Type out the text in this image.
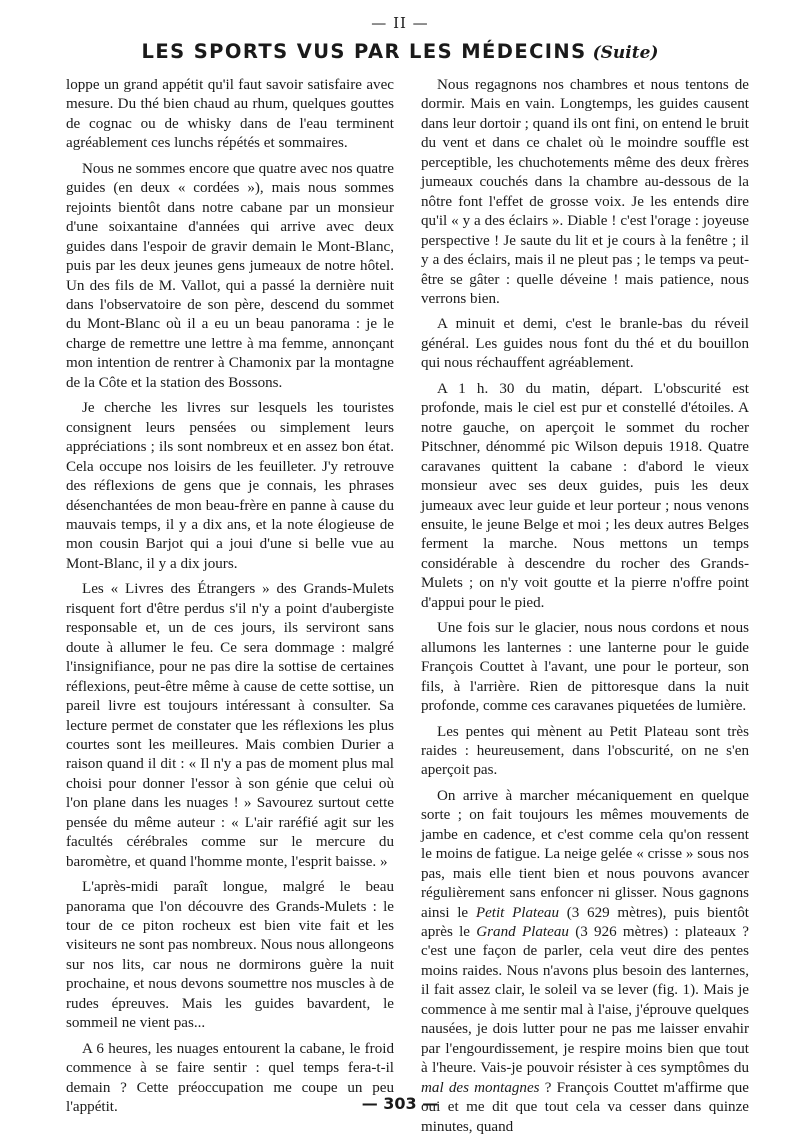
— II —
LES SPORTS VUS PAR LES MÉDECINS (Suite)

loppe un grand appétit qu'il faut savoir satisfaire avec mesure. Du thé bien chaud au rhum, quelques gouttes de cognac ou de whisky dans de l'eau terminent agréablement ces lunchs répétés et sommaires.

Nous ne sommes encore que quatre avec nos quatre guides (en deux « cordées »), mais nous sommes rejoints bientôt dans notre cabane par un monsieur d'une soixantaine d'années qui arrive avec deux guides dans l'espoir de gravir demain le Mont-Blanc, puis par les deux jeunes gens jumeaux de notre hôtel. Un des fils de M. Vallot, qui a passé la dernière nuit dans l'observatoire de son père, descend du sommet du Mont-Blanc où il a eu un beau panorama : je le charge de remettre une lettre à ma femme, annonçant mon intention de rentrer à Chamonix par la montagne de la Côte et la station des Bossons.

Je cherche les livres sur lesquels les touristes consignent leurs pensées ou simplement leurs appréciations ; ils sont nombreux et en assez bon état. Cela occupe nos loisirs de les feuilleter. J'y retrouve des réflexions de gens que je connais, les phrases désenchantées de mon beau-frère en panne à cause du mauvais temps, il y a dix ans, et la note élogieuse de mon cousin Barjot qui a joui d'une si belle vue au Mont-Blanc, il y a dix jours.

Les « Livres des Étrangers » des Grands-Mulets risquent fort d'être perdus s'il n'y a point d'aubergiste responsable et, un de ces jours, ils serviront sans doute à allumer le feu. Ce sera dommage : malgré l'insignifiance, pour ne pas dire la sottise de certaines réflexions, peut-être même à cause de cette sottise, un pareil livre est toujours intéressant à consulter. Sa lecture permet de constater que les réflexions les plus courtes sont les meilleures. Mais combien Durier a raison quand il dit : « Il n'y a pas de moment plus mal choisi pour donner l'essor à son génie que celui où l'on plane dans les nuages ! » Savourez surtout cette pensée du même auteur : « L'air raréfié agit sur les facultés cérébrales comme sur le mercure du baromètre, et quand l'homme monte, l'esprit baisse. »

L'après-midi paraît longue, malgré le beau panorama que l'on découvre des Grands-Mulets : le tour de ce piton rocheux est bien vite fait et les visiteurs ne sont pas nombreux. Nous nous allongeons sur nos lits, car nous ne dormirons guère la nuit prochaine, et nous devons soumettre nos muscles à de rudes épreuves. Mais les guides bavardent, le sommeil ne vient pas...

A 6 heures, les nuages entourent la cabane, le froid commence à se faire sentir : quel temps fera-t-il demain ? Cette préoccupation me coupe un peu l'appétit.

Nous regagnons nos chambres et nous tentons de dormir. Mais en vain. Longtemps, les guides causent dans leur dortoir ; quand ils ont fini, on entend le bruit du vent et dans ce chalet où le moindre souffle est perceptible, les chuchotements même des deux frères jumeaux couchés dans la chambre au-dessous de la nôtre font l'effet de grosse voix. Je les entends dire qu'il « y a des éclairs ». Diable ! c'est l'orage : joyeuse perspective ! Je saute du lit et je cours à la fenêtre ; il y a des éclairs, mais il ne pleut pas ; le temps va peut-être se gâter : quelle déveine ! mais patience, nous verrons bien.

A minuit et demi, c'est le branle-bas du réveil général. Les guides nous font du thé et du bouillon qui nous réchauffent agréablement.

A 1 h. 30 du matin, départ. L'obscurité est profonde, mais le ciel est pur et constellé d'étoiles. A notre gauche, on aperçoit le sommet du rocher Pitschner, dénommé pic Wilson depuis 1918. Quatre caravanes quittent la cabane : d'abord le vieux monsieur avec ses deux guides, puis les deux jumeaux avec leur guide et leur porteur ; nous venons ensuite, le jeune Belge et moi ; les deux autres Belges ferment la marche. Nous mettons un temps considérable à descendre du rocher des Grands-Mulets ; on n'y voit goutte et la pierre n'offre point d'appui pour le pied.

Une fois sur le glacier, nous nous cordons et nous allumons les lanternes : une lanterne pour le guide François Couttet à l'avant, une pour le porteur, son fils, à l'arrière. Rien de pittoresque dans la nuit profonde, comme ces caravanes piquetées de lumière.

Les pentes qui mènent au Petit Plateau sont très raides : heureusement, dans l'obscurité, on ne s'en aperçoit pas.

On arrive à marcher mécaniquement en quelque sorte ; on fait toujours les mêmes mouvements de jambe en cadence, et c'est comme cela qu'on ressent le moins de fatigue. La neige gelée « crisse » sous nos pas, mais elle tient bien et nous pouvons avancer régulièrement sans enfoncer ni glisser. Nous gagnons ainsi le Petit Plateau (3 629 mètres), puis bientôt après le Grand Plateau (3 926 mètres) : plateaux ? c'est une façon de parler, cela veut dire des pentes moins raides. Nous n'avons plus besoin des lanternes, il fait assez clair, le soleil va se lever (fig. 1). Mais je commence à me sentir mal à l'aise, j'éprouve quelques nausées, je dois lutter pour ne pas me laisser envahir par l'engourdissement, je respire moins bien que tout à l'heure. Vais-je pouvoir résister à ces symptômes du mal des montagnes ? François Couttet m'affirme que oui et me dit que tout cela va cesser dans quinze minutes, quand

— 303 —
